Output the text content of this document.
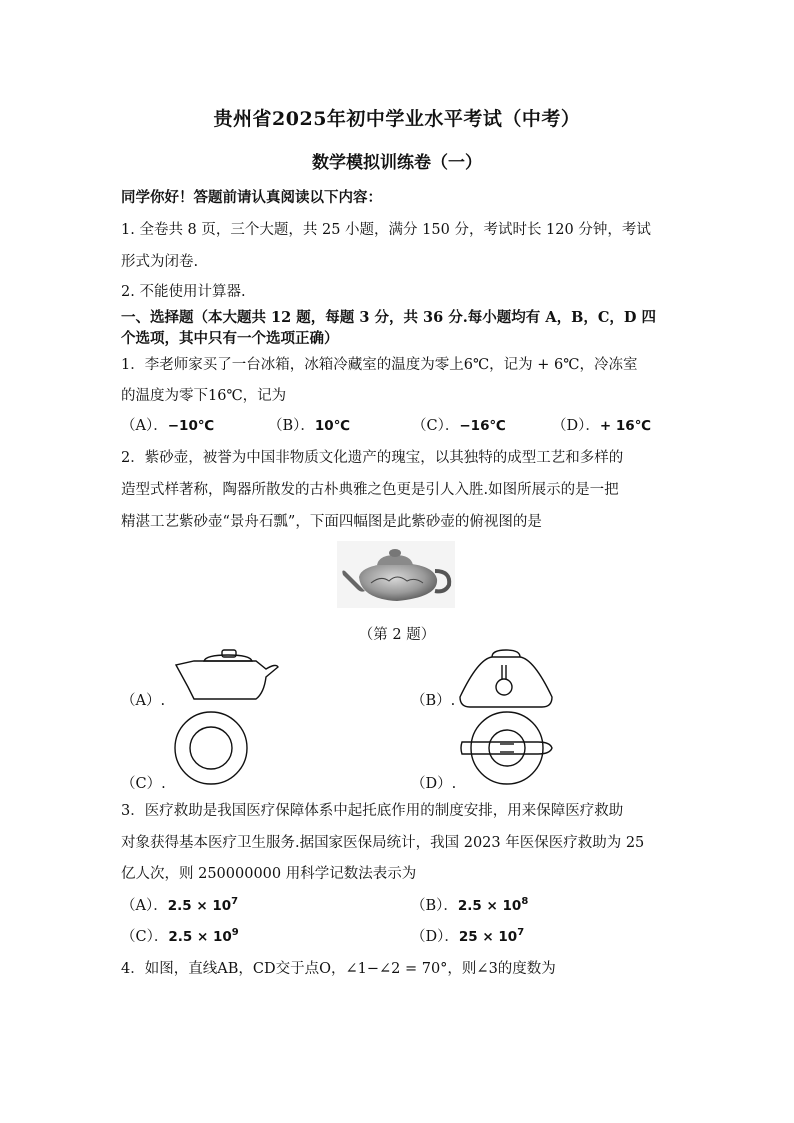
贵州省2025年初中学业水平考试（中考）
数学模拟训练卷（一）
同学你好！答题前请认真阅读以下内容：
1. 全卷共 8 页，三个大题，共 25 小题，满分 150 分，考试时长 120 分钟，考试
形式为闭卷.
2. 不能使用计算器.
一、选择题（本大题共 12 题，每题 3 分，共 36 分.每小题均有 A，B，C，D 四
个选项，其中只有一个选项正确）
1．李老师家买了一台冰箱，冰箱冷藏室的温度为零上6℃，记为 + 6℃，冷冻室
的温度为零下16℃，记为
（A）．−10℃	（B）．10℃	（C）．−16℃	（D）．+ 16℃
2．紫砂壶，被誉为中国非物质文化遗产的瑰宝，以其独特的成型工艺和多样的
造型式样著称，陶器所散发的古朴典雅之色更是引人入胜.如图所展示的是一把
精湛工艺紫砂壶“景舟石瓢”，下面四幅图是此紫砂壶的俯视图的是
（第 2 题）
（A）.	（B）.
（C）.	（D）.
3．医疗救助是我国医疗保障体系中起托底作用的制度安排，用来保障医疗救助
对象获得基本医疗卫生服务.据国家医保局统计，我国 2023 年医保医疗救助为 25
亿人次，则 250000000 用科学记数法表示为
（A）．$2.5 \times 10^7$	（B）．$2.5 \times 10^8$
（C）．$2.5 \times 10^9$	（D）．$25 \times 10^7$
4．如图，直线AB，CD交于点O，∠1−∠2 = 70°，则∠3的度数为
